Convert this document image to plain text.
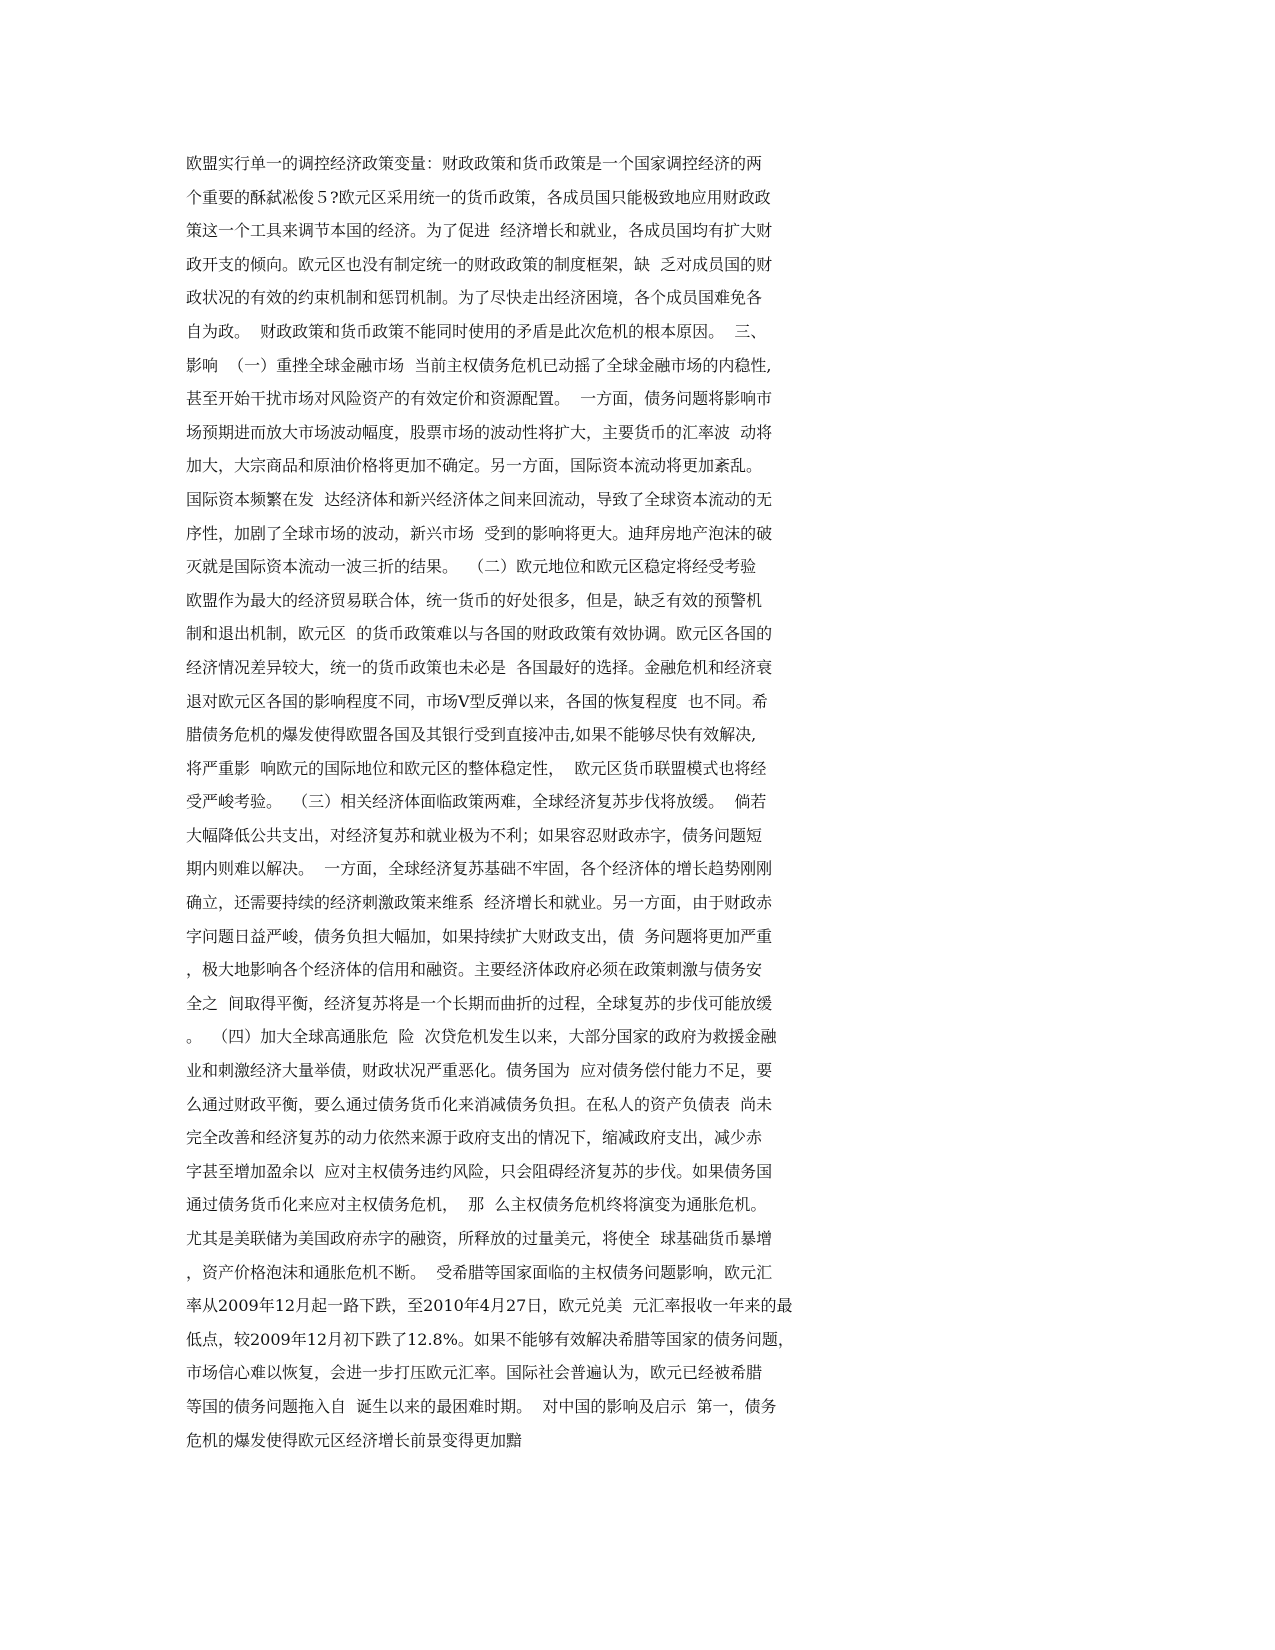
欧盟实行单一的调控经济政策变量：财政政策和货币政策是一个国家调控经济的两
个重要的酥弑凇俊５?欧元区采用统一的货币政策，各成员国只能极致地应用财政政
策这一个工具来调节本国的经济。为了促进  经济增长和就业，各成员国均有扩大财
政开支的倾向。欧元区也没有制定统一的财政政策的制度框架，缺  乏对成员国的财
政状况的有效的约束机制和惩罚机制。为了尽快走出经济困境，各个成员国难免各
自为政。  财政政策和货币政策不能同时使用的矛盾是此次危机的根本原因。  三、
影响  （一）重挫全球金融市场  当前主权债务危机已动摇了全球金融市场的内稳性,
甚至开始干扰市场对风险资产的有效定价和资源配置。  一方面，债务问题将影响市
场预期进而放大市场波动幅度，股票市场的波动性将扩大，主要货币的汇率波  动将
加大，大宗商品和原油价格将更加不确定。另一方面，国际资本流动将更加紊乱。
国际资本频繁在发  达经济体和新兴经济体之间来回流动，导致了全球资本流动的无
序性，加剧了全球市场的波动，新兴市场  受到的影响将更大。迪拜房地产泡沫的破
灭就是国际资本流动一波三折的结果。  （二）欧元地位和欧元区稳定将经受考验
欧盟作为最大的经济贸易联合体，统一货币的好处很多，但是，缺乏有效的预警机
制和退出机制，欧元区  的货币政策难以与各国的财政政策有效协调。欧元区各国的
经济情况差异较大，统一的货币政策也未必是  各国最好的选择。金融危机和经济衰
退对欧元区各国的影响程度不同，市场V型反弹以来，各国的恢复程度  也不同。希
腊债务危机的爆发使得欧盟各国及其银行受到直接冲击,如果不能够尽快有效解决,
将严重影  响欧元的国际地位和欧元区的整体稳定性，  欧元区货币联盟模式也将经
受严峻考验。  （三）相关经济体面临政策两难，全球经济复苏步伐将放缓。  倘若
大幅降低公共支出，对经济复苏和就业极为不利；如果容忍财政赤字，债务问题短
期内则难以解决。  一方面，全球经济复苏基础不牢固，各个经济体的增长趋势刚刚
确立，还需要持续的经济刺激政策来维系  经济增长和就业。另一方面，由于财政赤
字问题日益严峻，债务负担大幅加，如果持续扩大财政支出，债  务问题将更加严重
，极大地影响各个经济体的信用和融资。主要经济体政府必须在政策刺激与债务安
全之  间取得平衡，经济复苏将是一个长期而曲折的过程，全球复苏的步伐可能放缓
。  （四）加大全球高通胀危  险  次贷危机发生以来，大部分国家的政府为救援金融
业和刺激经济大量举债，财政状况严重恶化。债务国为  应对债务偿付能力不足，要
么通过财政平衡，要么通过债务货币化来消减债务负担。在私人的资产负债表  尚未
完全改善和经济复苏的动力依然来源于政府支出的情况下，缩减政府支出，减少赤
字甚至增加盈余以  应对主权债务违约风险，只会阻碍经济复苏的步伐。如果债务国
通过债务货币化来应对主权债务危机，  那  么主权债务危机终将演变为通胀危机。
尤其是美联储为美国政府赤字的融资，所释放的过量美元，将使全  球基础货币暴增
，资产价格泡沫和通胀危机不断。  受希腊等国家面临的主权债务问题影响，欧元汇
率从2009年12月起一路下跌，至2010年4月27日，欧元兑美  元汇率报收一年来的最
低点，较2009年12月初下跌了12.8%。如果不能够有效解决希腊等国家的债务问题，
市场信心难以恢复，会进一步打压欧元汇率。国际社会普遍认为，欧元已经被希腊
等国的债务问题拖入自  诞生以来的最困难时期。  对中国的影响及启示  第一，债务
危机的爆发使得欧元区经济增长前景变得更加黯
